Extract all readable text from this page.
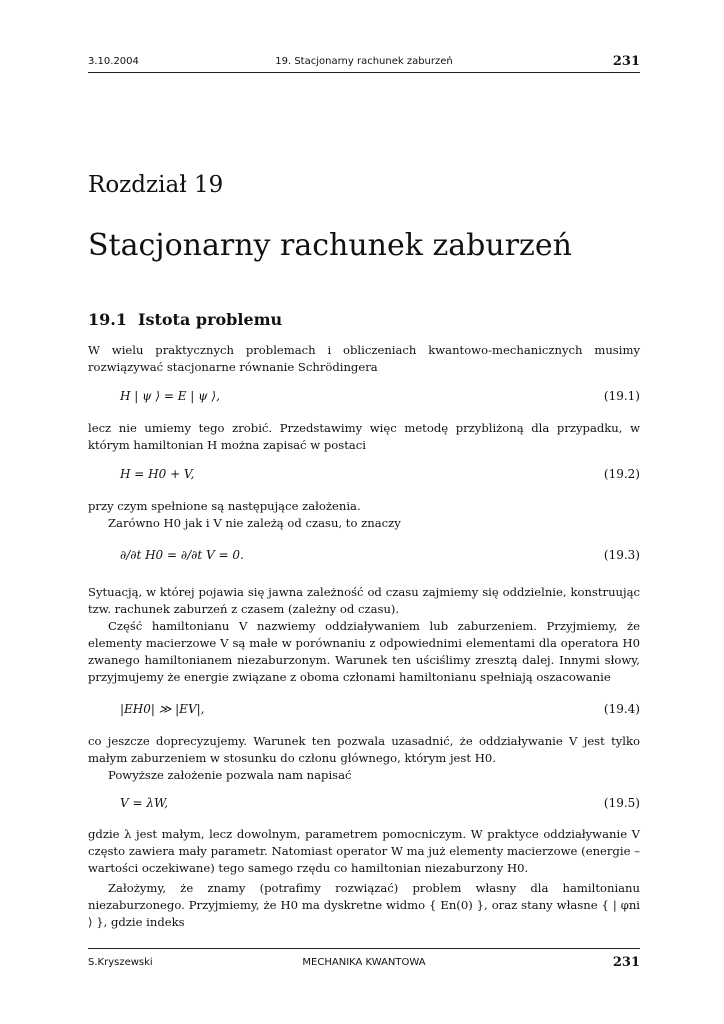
3.10.2004	19. Stacjonarny rachunek zaburzeń	231
Rozdział 19
Stacjonarny rachunek zaburzeń
19.1 Istota problemu
W wielu praktycznych problemach i obliczeniach kwantowo-mechanicznych musimy rozwiązywać stacjonarne równanie Schrödingera
H | ψ ⟩ = E | ψ ⟩,	(19.1)
lecz nie umiemy tego zrobić. Przedstawimy więc metodę przybliżoną dla przypadku, w którym hamiltonian H można zapisać w postaci
H = H0 + V,	(19.2)
przy czym spełnione są następujące założenia.
Zarówno H0 jak i V nie zależą od czasu, to znaczy
∂/∂t H0 = ∂/∂t V = 0.	(19.3)
Sytuacją, w której pojawia się jawna zależność od czasu zajmiemy się oddzielnie, konstruując tzw. rachunek zaburzeń z czasem (zależny od czasu).
Część hamiltonianu V nazwiemy oddziaływaniem lub zaburzeniem. Przyjmiemy, że elementy macierzowe V są małe w porównaniu z odpowiednimi elementami dla operatora H0 zwanego hamiltonianem niezaburzonym. Warunek ten uściślimy zresztą dalej. Innymi słowy, przyjmujemy że energie związane z oboma członami hamiltonianu spełniają oszacowanie
|EH0| ≫ |EV|,	(19.4)
co jeszcze doprecyzujemy. Warunek ten pozwala uzasadnić, że oddziaływanie V jest tylko małym zaburzeniem w stosunku do członu głównego, którym jest H0.
Powyższe założenie pozwala nam napisać
V = λW,	(19.5)
gdzie λ jest małym, lecz dowolnym, parametrem pomocniczym. W praktyce oddziaływanie V często zawiera mały parametr. Natomiast operator W ma już elementy macierzowe (energie – wartości oczekiwane) tego samego rzędu co hamiltonian niezaburzony H0.
Założymy, że znamy (potrafimy rozwiązać) problem własny dla hamiltonianu niezaburzonego. Przyjmiemy, że H0 ma dyskretne widmo { En(0) }, oraz stany własne { | φni ⟩ }, gdzie indeks
S.Kryszewski	MECHANIKA KWANTOWA	231
